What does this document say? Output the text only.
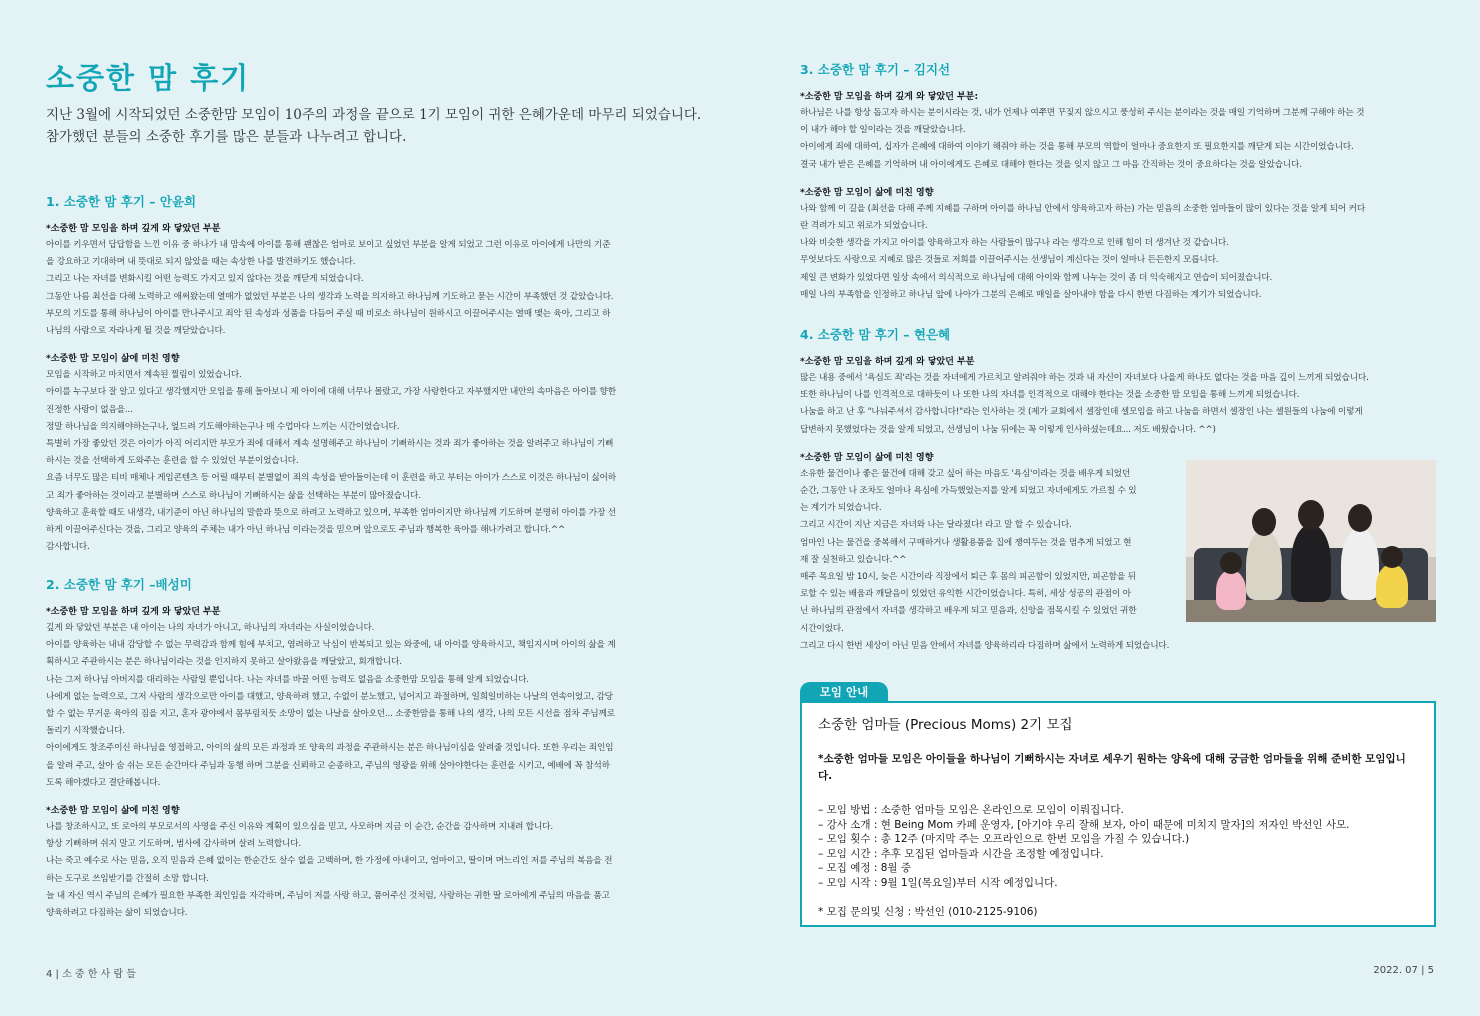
소중한 맘 후기

지난 3월에 시작되었던 소중한맘 모임이 10주의 과정을 끝으로 1기 모임이 귀한 은혜가운데 마무리 되었습니다.

참가했던 분들의 소중한 후기를 많은 분들과 나누려고 합니다.

1. 소중한 맘 후기 – 안윤희
*소중한 맘 모임을 하며 깊게 와 닿았던 부분
아이를 키우면서 답답함을 느낀 이유 중 하나가 내 맘속에 아이를 통해 괜찮은 엄마로 보이고 싶었던 부분을 알게 되었고 그런 이유로 아이에게 나만의 기준
을 강요하고 기대하며 내 뜻대로 되지 않았을 때는 속상한 나를 발견하기도 했습니다.
그리고 나는 자녀를 변화시킬 어떤 능력도 가지고 있지 않다는 것을 깨닫게 되었습니다.
그동안 나름 최선을 다해 노력하고 애써왔는데 열매가 없었던 부분은 나의 생각과 노력을 의지하고 하나님께 기도하고 묻는 시간이 부족했던 것 같았습니다.
부모의 기도를 통해 하나님이 아이를 만나주시고 죄악 된 속성과 성품을 다듬어 주실 때 비로소 하나님이 원하시고 이끌어주시는 열매 맺는 육아, 그리고 하
나님의 사람으로 자라나게 될 것을 깨닫았습니다.
*소중한 맘 모임이 삶에 미친 영향
모임을 시작하고 마치면서 계속된 찔림이 있었습니다.
아이를 누구보다 잘 알고 있다고 생각했지만 모임을 통해 돌아보니 제 아이에 대해 너무나 몰랐고, 가장 사랑한다고 자부했지만 내안의 속마음은 아이를 향한
진정한 사랑이 없음을...
정말 하나님을 의지해야하는구나, 엎드려 기도해야하는구나 매 수업마다 느끼는 시간이었습니다.
특별히 가장 좋았던 것은 아이가 아직 어리지만 부모가 죄에 대해서 계속 설명해주고 하나님이 기뻐하시는 것과 죄가 좋아하는 것을 알려주고 하나님이 기뻐
하시는 것을 선택하게 도와주는 훈련을 할 수 있었던 부분이었습니다.
요즘 너무도 많은 티비 매체나 게임콘텐츠 등 어릴 때부터 분별없이 죄의 속성을 받아들이는데 이 훈련을 하고 부터는 아이가 스스로 이것은 하나님이 싫어하
고 죄가 좋아하는 것이라고 분별하며 스스로 하나님이 기뻐하시는 삶을 선택하는 부분이 많아졌습니다.
양육하고 훈육할 때도 내생각, 내기준이 아닌 하나님의 말씀과 뜻으로 하려고 노력하고 있으며, 부족한 엄마이지만 하나님께 기도하며 분명히 아이를 가장 선
하게 이끌어주신다는 것을, 그리고 양육의 주체는 내가 아닌 하나님 이라는것을 믿으며 앞으로도 주님과 행복한 육아를 해나가려고 합니다.^^
감사합니다.
2. 소중한 맘 후기 –배성미
*소중한 맘 모임을 하며 깊게 와 닿았던 부분
깊게 와 닿았던 부분은 내 아이는 나의 자녀가 아니고, 하나님의 자녀라는 사실이었습니다.
아이를 양육하는 내내 감당할 수 없는 무력감과 함께 힘에 부치고, 염려하고 낙심이 반복되고 있는 와중에, 내 아이를 양육하시고, 책임지시며 아이의 삶을 계
획하시고 주관하시는 분은 하나님이라는 것을 인지하지 못하고 살아왔음을 깨달았고, 회개합니다.
나는 그저 하나님 아버지를 대리하는 사람일 뿐입니다. 나는 자녀를 바꿀 어떤 능력도 없음을 소중한맘 모임을 통해 알게 되었습니다.
나에게 없는 능력으로, 그저 사람의 생각으로만 아이를 대했고, 양육하려 했고, 수없이 분노했고, 넘어지고 좌절하며, 일희일비하는 나날의 연속이었고, 감당
할 수 없는 무거운 육아의 짐을 지고, 혼자 광야에서 몸부림치듯 소망이 없는 나날을 살아오던... 소중한맘을 통해 나의 생각, 나의 모든 시선을 점차 주님께로
돌리기 시작했습니다.
아이에게도 창조주이신 하나님을 영접하고, 아이의 삶의 모든 과정과 또 양육의 과정을 주관하시는 분은 하나님이심을 알려줄 것입니다. 또한 우리는 죄인임
을 알려 주고, 살아 숨 쉬는 모든 순간마다 주님과 동행 하며 그분을 신뢰하고 순종하고, 주님의 영광을 위해 살아야한다는 훈련을 시키고, 예배에 꼭 참석하
도록 해야겠다고 결단해봅니다.
*소중한 맘 모임이 삶에 미친 영향
나를 창조하시고, 또 로아의 부모로서의 사명을 주신 이유와 계획이 있으심을 믿고, 사모하며 지금 이 순간, 순간을 감사하며 지내려 합니다.
항상 기뻐하며 쉬지 말고 기도하며, 범사에 감사하며 살려 노력합니다.
나는 죽고 예수로 사는 믿음, 오직 믿음과 은혜 없이는 한순간도 살수 없을 고백하며, 한 가정에 아내이고, 엄마이고, 딸이며 며느리인 저를 주님의 복음을 전
하는 도구로 쓰임받기를 간절히 소망 합니다.
늘 내 자신 역시 주님의 은혜가 필요한 부족한 죄인임을 자각하며, 주님이 저를 사랑 하고, 품어주신 것처럼, 사랑하는 귀한 딸 로아에게 주님의 마음을 품고
양육하려고 다짐하는 삶이 되었습니다.
4 | 소 중 한 사 람 들
3. 소중한 맘 후기 – 김지선
*소중한 맘 모임을 하며 깊게 와 닿았던 부분:
하나님은 나를 항상 돕고자 하시는 분이시라는 것, 내가 언제나 여쭈면 꾸짖지 않으시고 풍성히 주시는 분이라는 것을 매일 기억하며 그분께 구해야 하는 것
이 내가 해야 할 일이라는 것을 깨달았습니다.
아이에게 죄에 대하여, 십자가 은혜에 대하여 이야기 해줘야 하는 것을 통해 부모의 역할이 얼마나 중요한지 또 필요한지를 깨닫게 되는 시간이었습니다.
결국 내가 받은 은혜를 기억하며 내 아이에게도 은혜로 대해야 한다는 것을 잊지 않고 그 마음 간직하는 것이 중요하다는 것을 알았습니다.
*소중한 맘 모임이 삶에 미친 영향
나와 함께 이 길을 (최선을 다해 주께 지혜를 구하며 아이를 하나님 안에서 양육하고자 하는) 가는 믿음의 소중한 엄마들이 많이 있다는 것을 알게 되어 커다
란 격려가 되고 위로가 되었습니다.
나와 비슷한 생각을 가지고 아이를 양육하고자 하는 사람들이 많구나 라는 생각으로 인해 힘이 더 생겨난 것 같습니다.
무엇보다도 사랑으로 지혜로 많은 것들로 저희를 이끌어주시는 선생님이 계신다는 것이 얼마나 든든한지 모릅니다.
제일 큰 변화가 있었다면 일상 속에서 의식적으로 하나님에 대해 아이와 함께 나누는 것이 좀 더 익숙해지고 연습이 되어졌습니다.
매일 나의 부족함을 인정하고 하나님 앞에 나아가 그분의 은혜로 매일을 살아내야 함을 다시 한번 다짐하는 계기가 되었습니다.
4. 소중한 맘 후기 – 현은혜
*소중한 맘 모임을 하며 깊게 와 닿았던 부분
많은 내용 중에서 '욕심도 죄'라는 것을 자녀에게 가르치고 알려줘야 하는 것과 내 자신이 자녀보다 나을게 하나도 없다는 것을 마음 깊이 느끼게 되었습니다.
또한 하나님이 나를 인격적으로 대하듯이 나 또한 나의 자녀를 인격적으로 대해야 한다는 것을 소중한 맘 모임을 통해 느끼게 되었습니다.
나눔을 하고 난 후 "나눠주셔서 감사합니다!"라는 인사하는 것 (제가 교회에서 셀장인데 셀모임을 하고 나눔을 하면서 셀장인 나는 셀원들의 나눔에 이렇게
답변하지 못했었다는 것을 알게 되었고, 선생님이 나눔 뒤에는 꼭 이렇게 인사하셨는데요... 저도 배웠습니다. ^^)
*소중한 맘 모임이 삶에 미친 영향
소유한 물건이나 좋은 물건에 대해 갖고 싶어 하는 마음도 '욕심'이라는 것을 배우게 되었던
순간, 그동안 나 조차도 얼마나 욕심에 가득했었는지를 알게 되었고 자녀에게도 가르칠 수 있
는 계기가 되었습니다.
그리고 시간이 지난 지금은 자녀와 나는 달라졌다! 라고 말 할 수 있습니다.
엄마인 나는 물건을 중복해서 구매하거나 생활용품을 집에 쟁여두는 것을 멈추게 되었고 현
재 잘 실천하고 있습니다.^^
매주 목요일 밤 10시, 늦은 시간이라 직장에서 퇴근 후 몸의 피곤함이 있었지만, 피곤함을 뒤
로할 수 있는 배움과 깨달음이 있었던 유익한 시간이었습니다. 특히, 세상 성공의 관점이 아
닌 하나님의 관점에서 자녀를 생각하고 배우게 되고 믿음과, 신앙을 점목시킬 수 있었던 귀한
시간이었다.
그리고 다시 한번 세상이 아닌 믿음 안에서 자녀를 양육하리라 다짐하며 삶에서 노력하게 되었습니다.
모임 안내
소중한 엄마들 (Precious Moms) 2기 모집
*소중한 엄마들 모임은 아이들을 하나님이 기뻐하시는 자녀로 세우기 원하는 양육에 대해 궁금한 엄마들을 위해 준비한 모임입니다.
– 모임 방법 : 소중한 엄마들 모임은 온라인으로 모임이 이뤄집니다.
– 강사 소개 : 현 Being Mom 카페 운영자, [아기야 우리 잘해 보자, 아이 때문에 미치지 말자]의 저자인 박선인 사모.
– 모임 횟수 : 총 12주 (마지막 주는 오프라인으로 한번 모임을 가질 수 있습니다.)
– 모임 시간 : 추후 모집된 엄마들과 시간을 조정할 예정입니다.
– 모집 예정 : 8월 중
– 모임 시작 : 9월 1일(목요일)부터 시작 예정입니다.
* 모집 문의및 신청 : 박선인 (010-2125-9106)
2022. 07 | 5
